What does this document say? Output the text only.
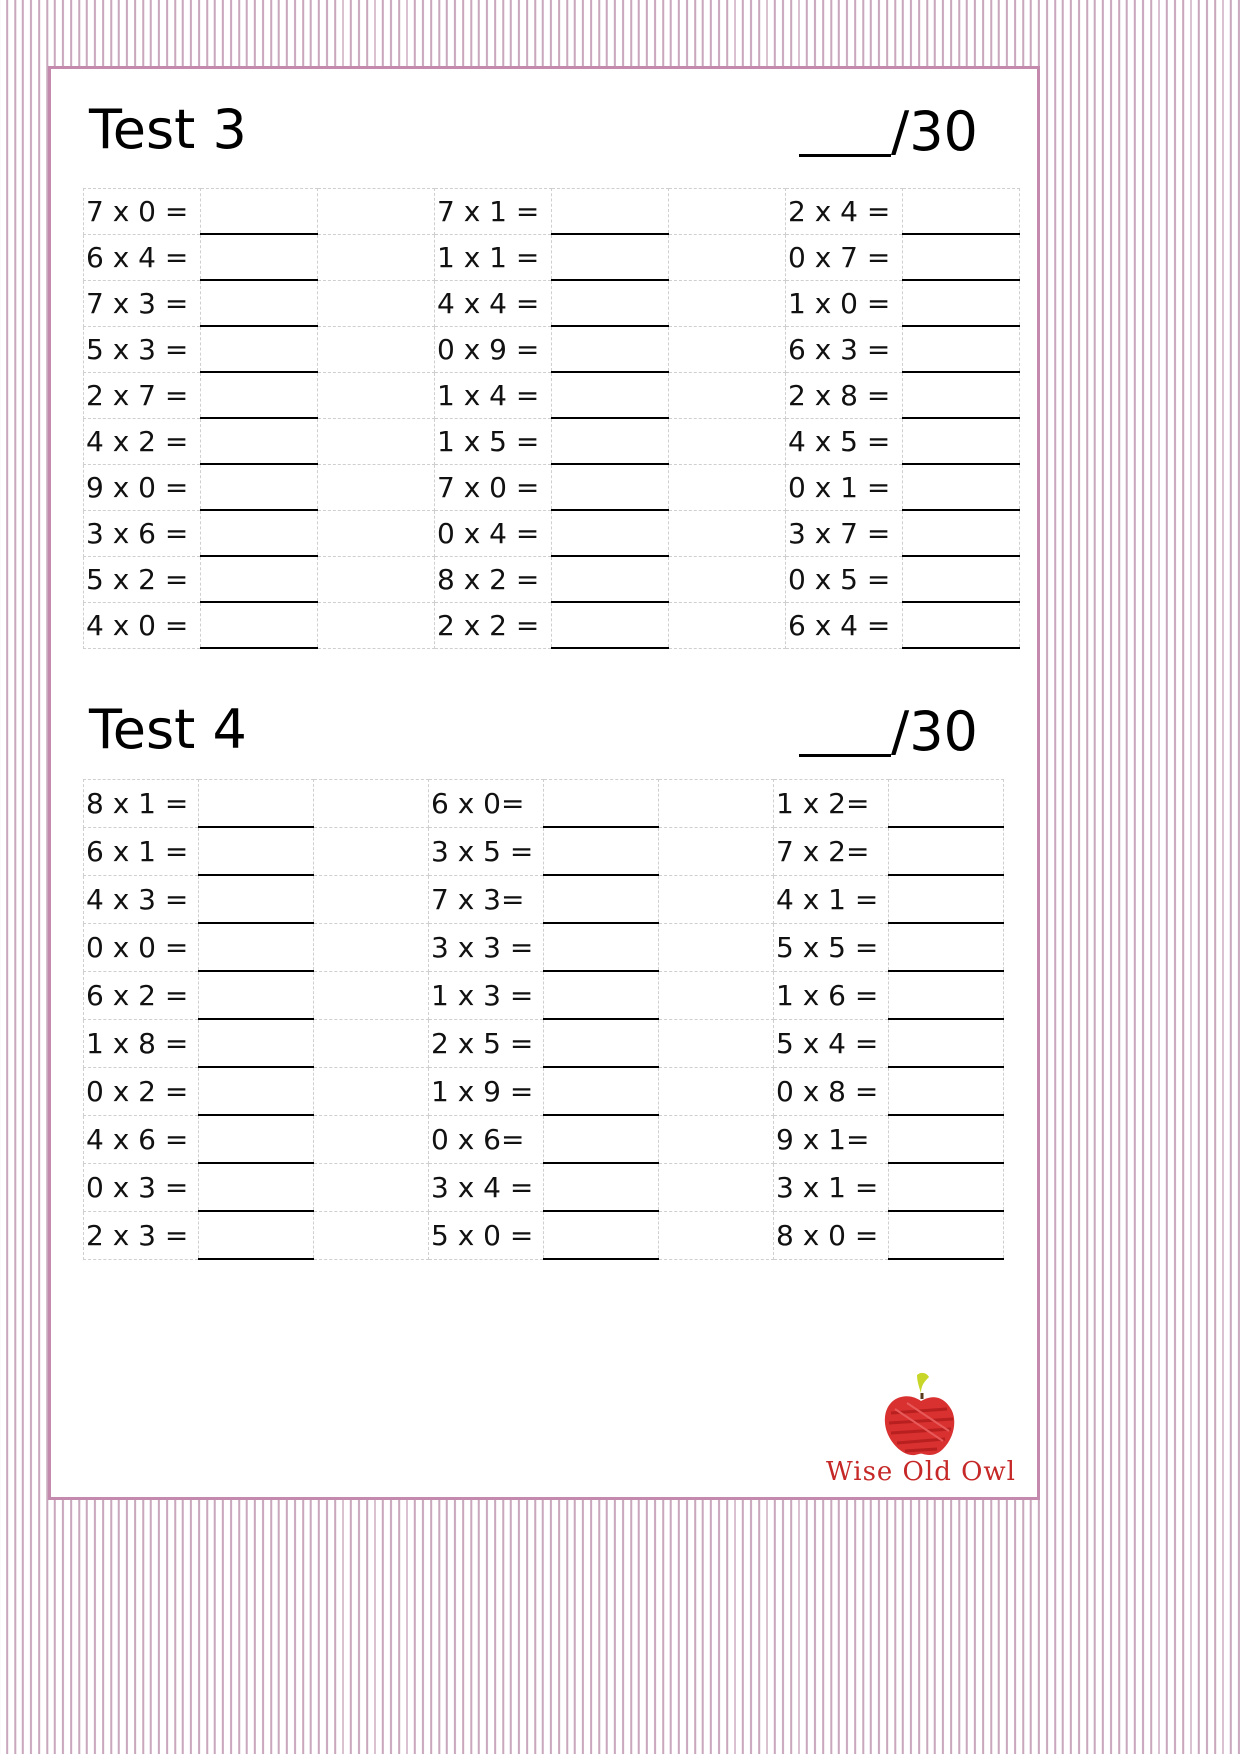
Test 3	/30
7 x 0 =			7 x 1 =			2 x 4 =	
6 x 4 =			1 x 1 =			0 x 7 =	
7 x 3 =			4 x 4 =			1 x 0 =	
5 x 3 =			0 x 9 =			6 x 3 =	
2 x 7 =			1 x 4 =			2 x 8 =	
4 x 2 =			1 x 5 =			4 x 5 =	
9 x 0 =			7 x 0 =			0 x 1 =	
3 x 6 =			0 x 4 =			3 x 7 =	
5 x 2 =			8 x 2 =			0 x 5 =	
4 x 0 =			2 x 2 =			6 x 4 =	
Test 4	/30
8 x 1 =			6 x 0=			1 x 2=	
6 x 1 =			3 x 5 =			7 x 2=	
4 x 3 =			7 x 3=			4 x 1 =	
0 x 0 =			3 x 3 =			5 x 5 =	
6 x 2 =			1 x 3 =			1 x 6 =	
1 x 8 =			2 x 5 =			5 x 4 =	
0 x 2 =			1 x 9 =			0 x 8 =	
4 x 6 =			0 x 6=			9 x 1=	
0 x 3 =			3 x 4 =			3 x 1 =	
2 x 3 =			5 x 0 =			8 x 0 =	
Wise Old Owl
